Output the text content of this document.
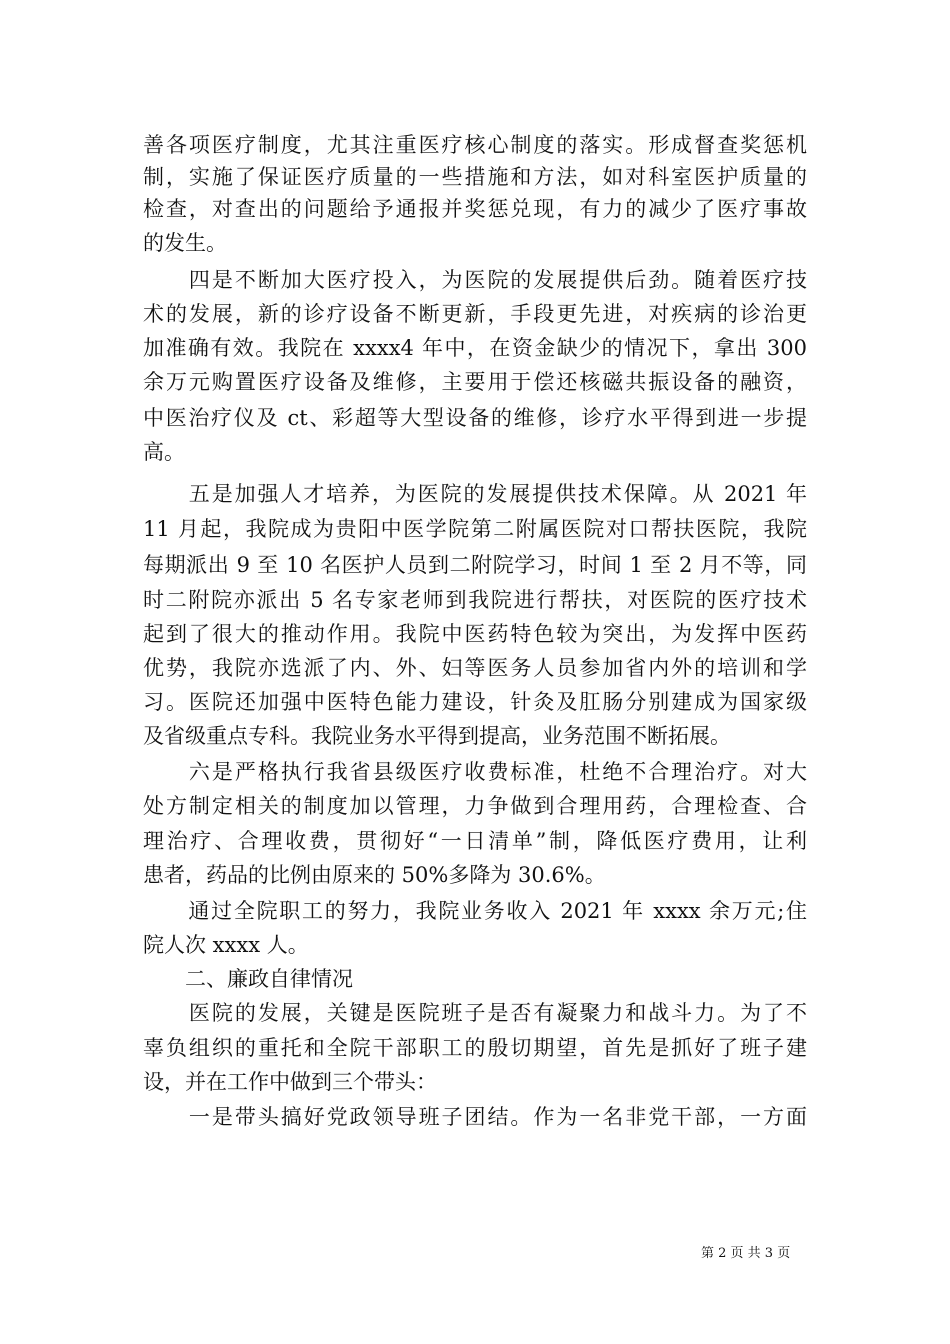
善各项医疗制度，尤其注重医疗核心制度的落实。形成督查奖惩机
制，实施了保证医疗质量的一些措施和方法，如对科室医护质量的
检查，对查出的问题给予通报并奖惩兑现，有力的减少了医疗事故
的发生。
　　四是不断加大医疗投入，为医院的发展提供后劲。随着医疗技
术的发展，新的诊疗设备不断更新，手段更先进，对疾病的诊治更
加准确有效。我院在 xxxx4 年中，在资金缺少的情况下，拿出 300
余万元购置医疗设备及维修，主要用于偿还核磁共振设备的融资，
中医治疗仪及 ct、彩超等大型设备的维修，诊疗水平得到进一步提
高。
　　五是加强人才培养，为医院的发展提供技术保障。从 2021 年
11 月起，我院成为贵阳中医学院第二附属医院对口帮扶医院，我院
每期派出 9 至 10 名医护人员到二附院学习，时间 1 至 2 月不等，同
时二附院亦派出 5 名专家老师到我院进行帮扶，对医院的医疗技术
起到了很大的推动作用。我院中医药特色较为突出，为发挥中医药
优势，我院亦选派了内、外、妇等医务人员参加省内外的培训和学
习。医院还加强中医特色能力建设，针灸及肛肠分别建成为国家级
及省级重点专科。我院业务水平得到提高，业务范围不断拓展。
　　六是严格执行我省县级医疗收费标准，杜绝不合理治疗。对大
处方制定相关的制度加以管理，力争做到合理用药，合理检查、合
理治疗、合理收费，贯彻好“一日清单”制，降低医疗费用，让利
患者，药品的比例由原来的 50%多降为 30.6%。
　　通过全院职工的努力，我院业务收入 2021 年 xxxx 余万元;住
院人次 xxxx 人。
　　二、廉政自律情况
　　医院的发展，关键是医院班子是否有凝聚力和战斗力。为了不
辜负组织的重托和全院干部职工的殷切期望，首先是抓好了班子建
设，并在工作中做到三个带头：
　　一是带头搞好党政领导班子团结。作为一名非党干部，一方面
第 2 页 共 3 页
